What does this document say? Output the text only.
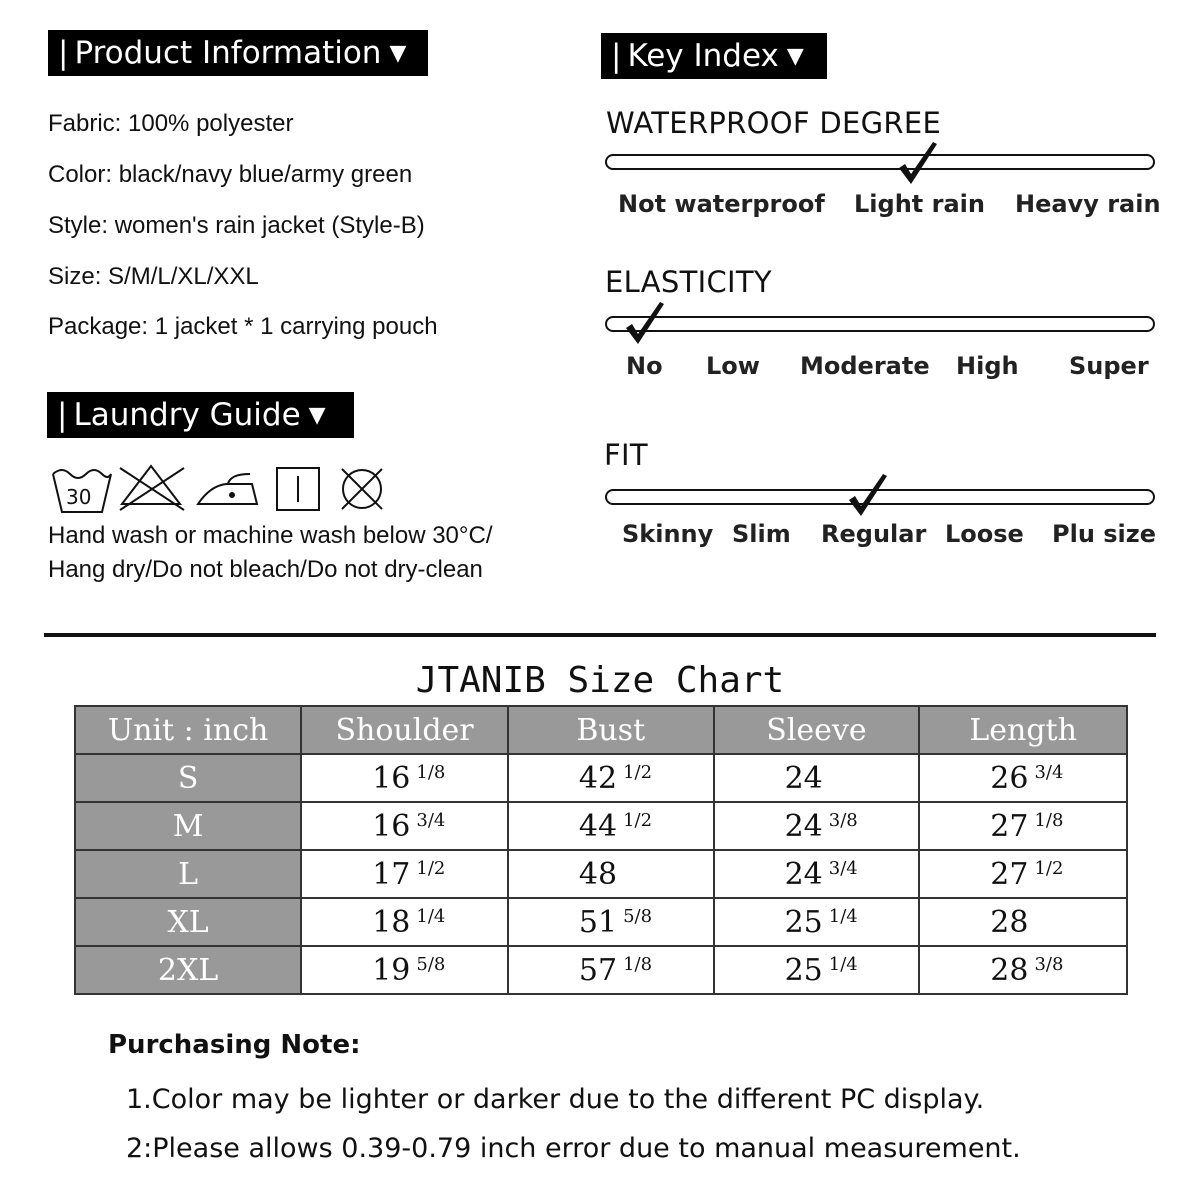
| Product Information ▼
Fabric: 100% polyester
Color: black/navy blue/army green
Style: women's rain jacket (Style-B)
Size: S/M/L/XL/XXL
Package: 1 jacket * 1 carrying pouch
| Laundry Guide ▼
30
Hand wash or machine wash below 30°C/
Hang dry/Do not bleach/Do not dry-clean
| Key Index ▼
WATERPROOF DEGREE
Not waterproof Light rain Heavy rain
ELASTICITY
No Low Moderate High Super
FIT
Skinny Slim Regular Loose Plu size
JTANIB Size Chart
Unit : inch	Shoulder	Bust	Sleeve	Length
S	16 $^{1/8}$	42 $^{1/2}$	24	26 $^{3/4}$
M	16 $^{3/4}$	44 $^{1/2}$	24 $^{3/8}$	27 $^{1/8}$
L	17 $^{1/2}$	48	24 $^{3/4}$	27 $^{1/2}$
XL	18 $^{1/4}$	51 $^{5/8}$	25 $^{1/4}$	28
2XL	19 $^{5/8}$	57 $^{1/8}$	25 $^{1/4}$	28 $^{3/8}$
Purchasing Note:
1.Color may be lighter or darker due to the different PC display.
2:Please allows 0.39-0.79 inch error due to manual measurement.
